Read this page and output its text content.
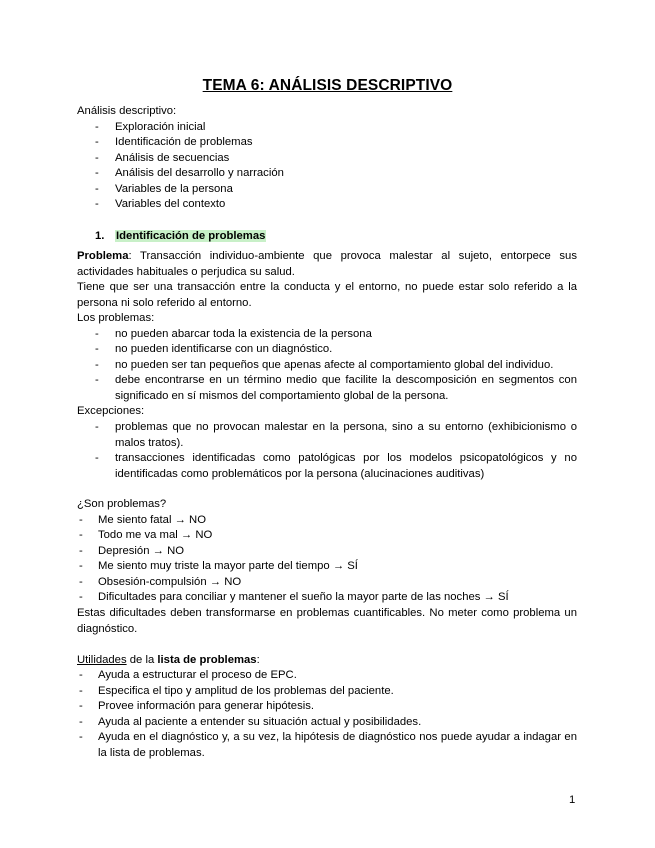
TEMA 6: ANÁLISIS DESCRIPTIVO
Análisis descriptivo:
- Exploración inicial
- Identificación de problemas
- Análisis de secuencias
- Análisis del desarrollo y narración
- Variables de la persona
- Variables del contexto
1. Identificación de problemas
Problema: Transacción individuo-ambiente que provoca malestar al sujeto, entorpece sus actividades habituales o perjudica su salud.
Tiene que ser una transacción entre la conducta y el entorno, no puede estar solo referido a la persona ni solo referido al entorno.
Los problemas:
- no pueden abarcar toda la existencia de la persona
- no pueden identificarse con un diagnóstico.
- no pueden ser tan pequeños que apenas afecte al comportamiento global del individuo.
- debe encontrarse en un término medio que facilite la descomposición en segmentos con significado en sí mismos del comportamiento global de la persona.
Excepciones:
- problemas que no provocan malestar en la persona, sino a su entorno (exhibicionismo o malos tratos).
- transacciones identificadas como patológicas por los modelos psicopatológicos y no identificadas como problemáticos por la persona (alucinaciones auditivas)
¿Son problemas?
- Me siento fatal → NO
- Todo me va mal → NO
- Depresión → NO
- Me siento muy triste la mayor parte del tiempo → SÍ
- Obsesión-compulsión → NO
- Dificultades para conciliar y mantener el sueño la mayor parte de las noches → SÍ
Estas dificultades deben transformarse en problemas cuantificables. No meter como problema un diagnóstico.
Utilidades de la lista de problemas:
- Ayuda a estructurar el proceso de EPC.
- Especifica el tipo y amplitud de los problemas del paciente.
- Provee información para generar hipótesis.
- Ayuda al paciente a entender su situación actual y posibilidades.
- Ayuda en el diagnóstico y, a su vez, la hipótesis de diagnóstico nos puede ayudar a indagar en la lista de problemas.
1
